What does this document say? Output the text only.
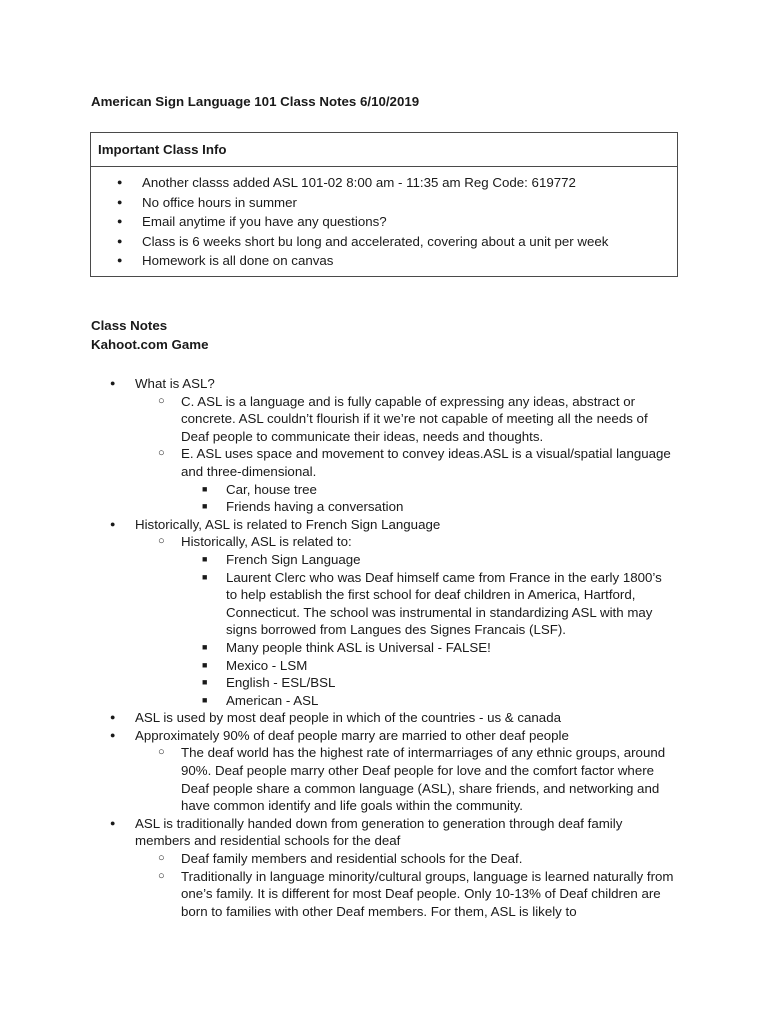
American Sign Language 101 Class Notes 6/10/2019
Important Class Info
● Another classs added ASL 101-02 8:00 am - 11:35 am Reg Code: 619772
● No office hours in summer
● Email anytime if you have any questions?
● Class is 6 weeks short bu long and accelerated, covering about a unit per week
● Homework is all done on canvas
Class Notes
Kahoot.com Game
● What is ASL?
○ C. ASL is a language and is fully capable of expressing any ideas, abstract or concrete. ASL couldn’t flourish if it we’re not capable of meeting all the needs of Deaf people to communicate their ideas, needs and thoughts.
○ E. ASL uses space and movement to convey ideas.ASL is a visual/spatial language and three-dimensional.
■ Car, house tree
■ Friends having a conversation
● Historically, ASL is related to French Sign Language
○ Historically, ASL is related to:
■ French Sign Language
■ Laurent Clerc who was Deaf himself came from France in the early 1800’s to help establish the first school for deaf children in America, Hartford, Connecticut. The school was instrumental in standardizing ASL with may signs borrowed from Langues des Signes Francais (LSF).
■ Many people think ASL is Universal - FALSE!
■ Mexico - LSM
■ English - ESL/BSL
■ American - ASL
● ASL is used by most deaf people in which of the countries - us & canada
● Approximately 90% of deaf people marry are married to other deaf people
○ The deaf world has the highest rate of intermarriages of any ethnic groups, around 90%. Deaf people marry other Deaf people for love and the comfort factor where Deaf people share a common language (ASL), share friends, and networking and have common identify and life goals within the community.
● ASL is traditionally handed down from generation to generation through deaf family members and residential schools for the deaf
○ Deaf family members and residential schools for the Deaf.
○ Traditionally in language minority/cultural groups, language is learned naturally from one’s family. It is different for most Deaf people. Only 10-13% of Deaf children are born to families with other Deaf members. For them, ASL is likely to
